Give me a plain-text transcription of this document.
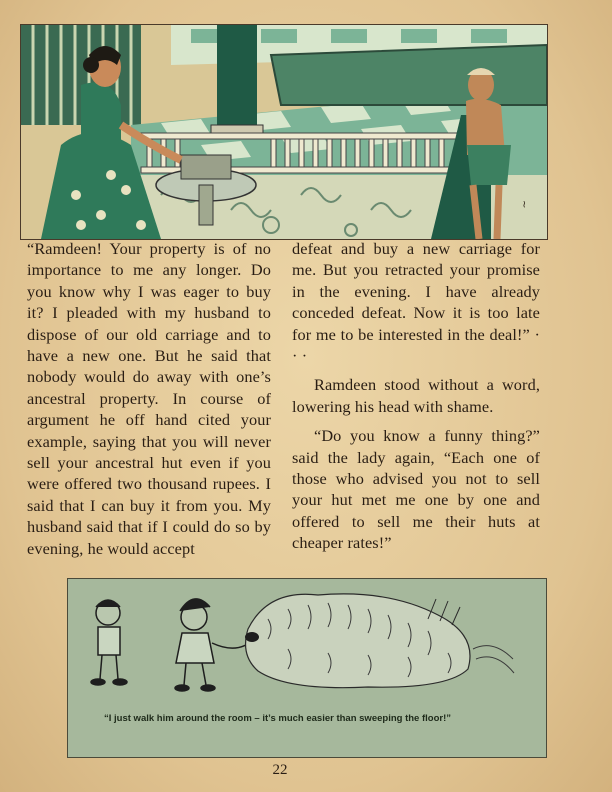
~

“Ramdeen! Your property is of no importance to me any longer. Do you know why I was eager to buy it? I pleaded with my husband to dispose of our old carriage and to have a new one. But he said that nobody would do away with one’s ancestral property. In course of argument he off hand cited your example, saying that you will never sell your ancestral hut even if you were offered two thousand rupees. I said that I can buy it from you. My husband said that if I could do so by evening, he would accept

defeat and buy a new carriage for me. But you retracted your promise in the evening. I have already conceded defeat. Now it is too late for me to be interested in the deal!” · · ·

Ramdeen stood without a word, lowering his head with shame.

“Do you know a funny thing?” said the lady again, “Each one of those who advised you not to sell your hut met me one by one and offered to sell me their huts at cheaper rates!”

“I just walk him around the room – it’s much easier than sweeping the floor!”
22
